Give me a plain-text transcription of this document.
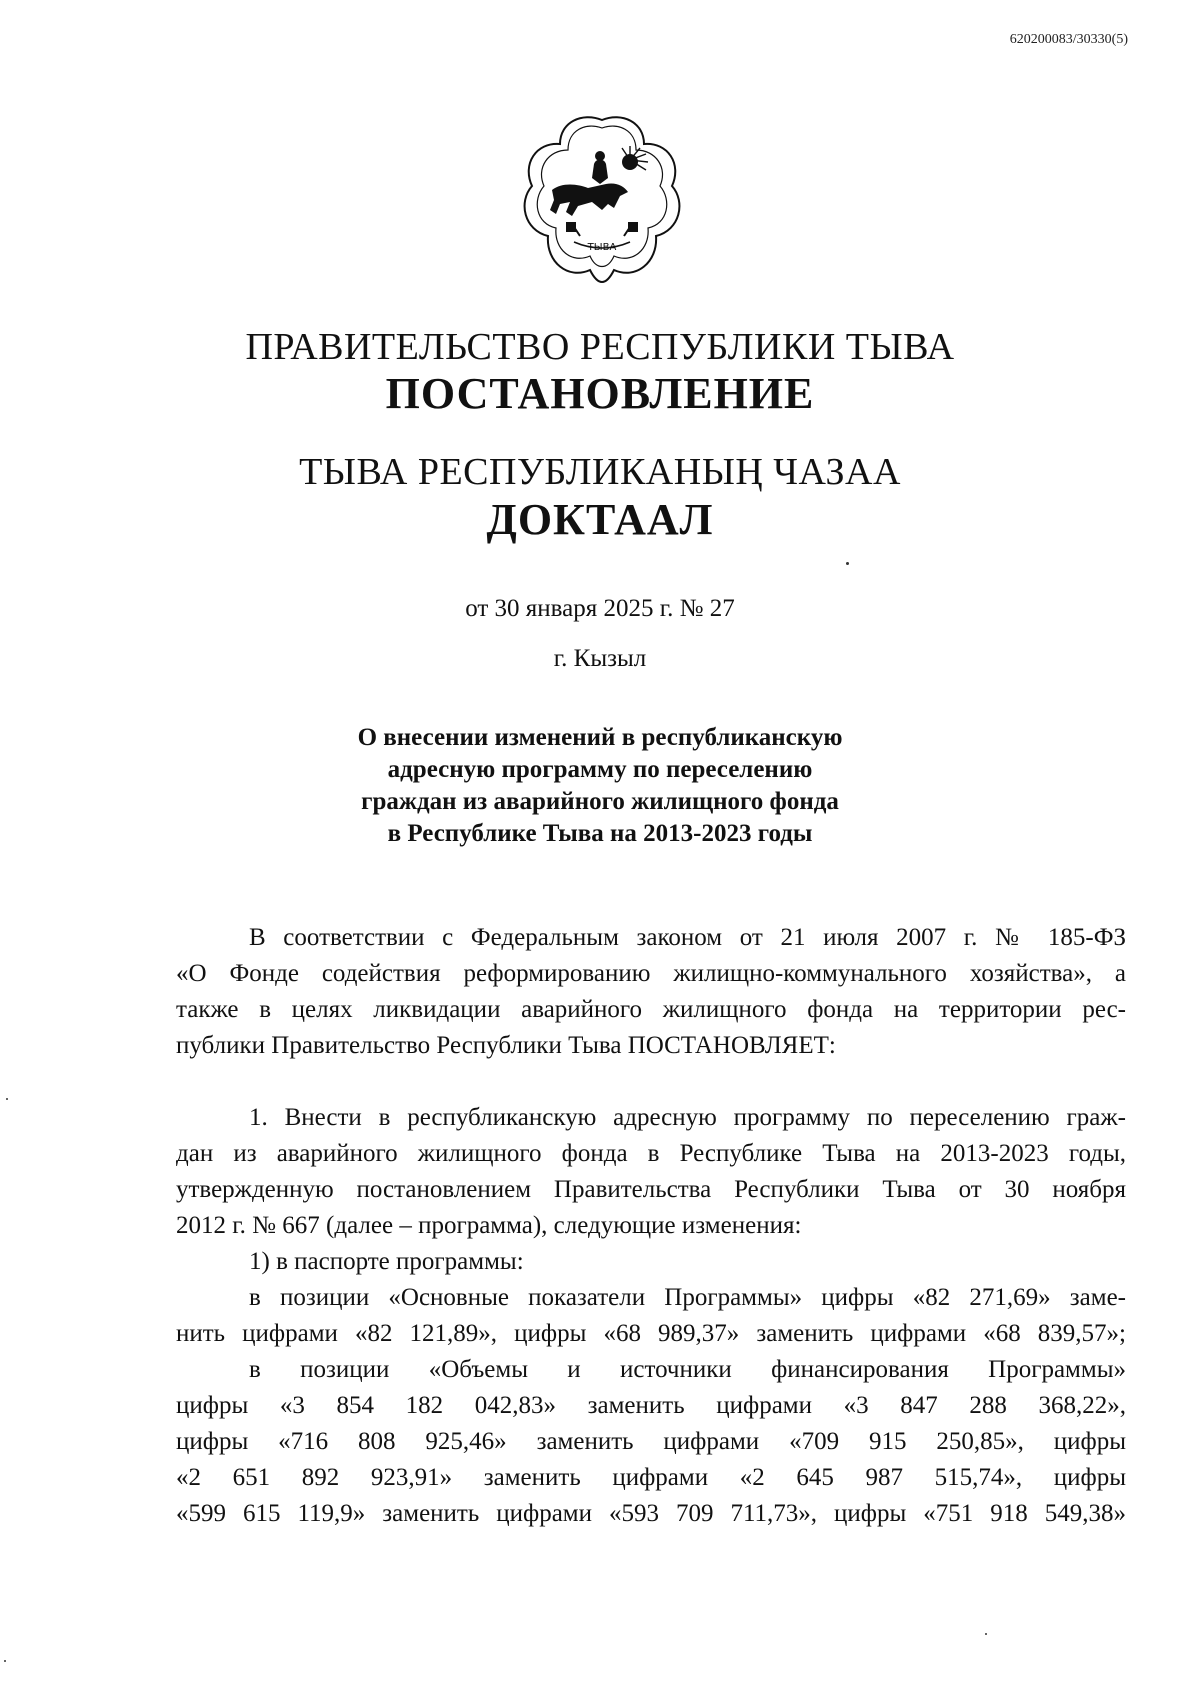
620200083/30330(5)
ТЫВА
ПРАВИТЕЛЬСТВО РЕСПУБЛИКИ ТЫВА
ПОСТАНОВЛЕНИЕ
ТЫВА РЕСПУБЛИКАНЫҢ ЧАЗАА
ДОКТААЛ
от 30 января 2025 г. № 27
г. Кызыл
О внесении изменений в республиканскую
адресную программу по переселению
граждан из аварийного жилищного фонда
в Республике Тыва на 2013-2023 годы
В соответствии с Федеральным законом от 21 июля 2007 г. № 185-ФЗ
«О Фонде содействия реформированию жилищно-коммунального хозяйства», а
также в целях ликвидации аварийного жилищного фонда на территории рес-
публики Правительство Республики Тыва ПОСТАНОВЛЯЕТ:
1. Внести в республиканскую адресную программу по переселению граж-
дан из аварийного жилищного фонда в Республике Тыва на 2013-2023 годы,
утвержденную постановлением Правительства Республики Тыва от 30 ноября
2012 г. № 667 (далее – программа), следующие изменения:
1) в паспорте программы:
в позиции «Основные показатели Программы» цифры «82 271,69» заме-
нить цифрами «82 121,89», цифры «68 989,37» заменить цифрами «68 839,57»;
в позиции «Объемы и источники финансирования Программы»
цифры «3 854 182 042,83» заменить цифрами «3 847 288 368,22»,
цифры «716 808 925,46» заменить цифрами «709 915 250,85», цифры
«2 651 892 923,91» заменить цифрами «2 645 987 515,74», цифры
«599 615 119,9» заменить цифрами «593 709 711,73», цифры «751 918 549,38»
